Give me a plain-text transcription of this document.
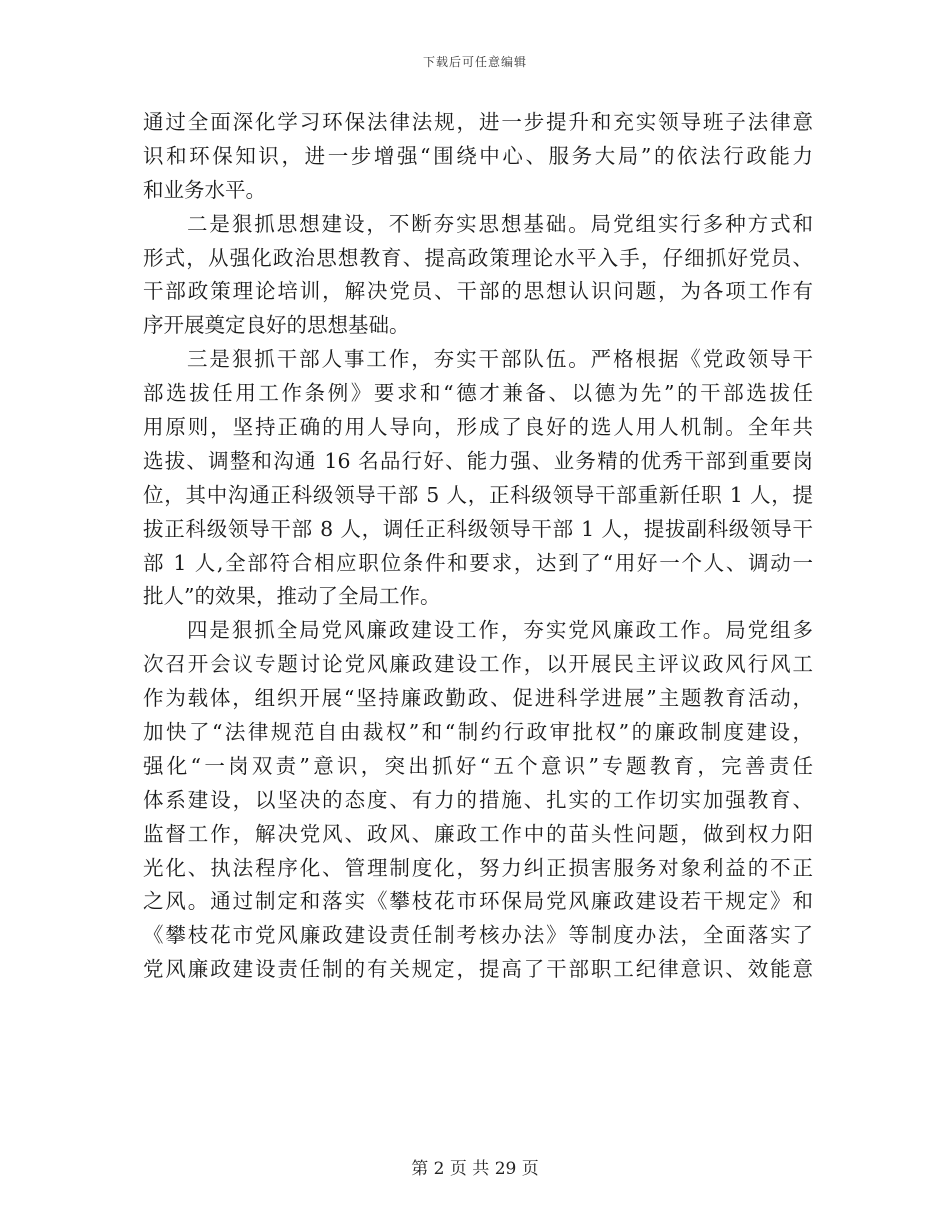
下载后可任意编辑
通过全面深化学习环保法律法规，进一步提升和充实领导班子法律意
识和环保知识，进一步增强“围绕中心、服务大局”的依法行政能力
和业务水平。
二是狠抓思想建设，不断夯实思想基础。局党组实行多种方式和
形式，从强化政治思想教育、提高政策理论水平入手，仔细抓好党员、
干部政策理论培训，解决党员、干部的思想认识问题，为各项工作有
序开展奠定良好的思想基础。
三是狠抓干部人事工作，夯实干部队伍。严格根据《党政领导干
部选拔任用工作条例》要求和“德才兼备、以德为先”的干部选拔任
用原则，坚持正确的用人导向，形成了良好的选人用人机制。全年共
选拔、调整和沟通 16 名品行好、能力强、业务精的优秀干部到重要岗
位，其中沟通正科级领导干部 5 人，正科级领导干部重新任职 1 人，提
拔正科级领导干部 8 人，调任正科级领导干部 1 人，提拔副科级领导干
部 1 人,全部符合相应职位条件和要求，达到了“用好一个人、调动一
批人”的效果，推动了全局工作。
四是狠抓全局党风廉政建设工作，夯实党风廉政工作。局党组多
次召开会议专题讨论党风廉政建设工作，以开展民主评议政风行风工
作为载体，组织开展“坚持廉政勤政、促进科学进展”主题教育活动，
加快了“法律规范自由裁权”和“制约行政审批权”的廉政制度建设，
强化“一岗双责”意识，突出抓好“五个意识”专题教育，完善责任
体系建设，以坚决的态度、有力的措施、扎实的工作切实加强教育、
监督工作，解决党风、政风、廉政工作中的苗头性问题，做到权力阳
光化、执法程序化、管理制度化，努力纠正损害服务对象利益的不正
之风。通过制定和落实《攀枝花市环保局党风廉政建设若干规定》和
《攀枝花市党风廉政建设责任制考核办法》等制度办法，全面落实了
党风廉政建设责任制的有关规定，提高了干部职工纪律意识、效能意
第 2 页 共 29 页
